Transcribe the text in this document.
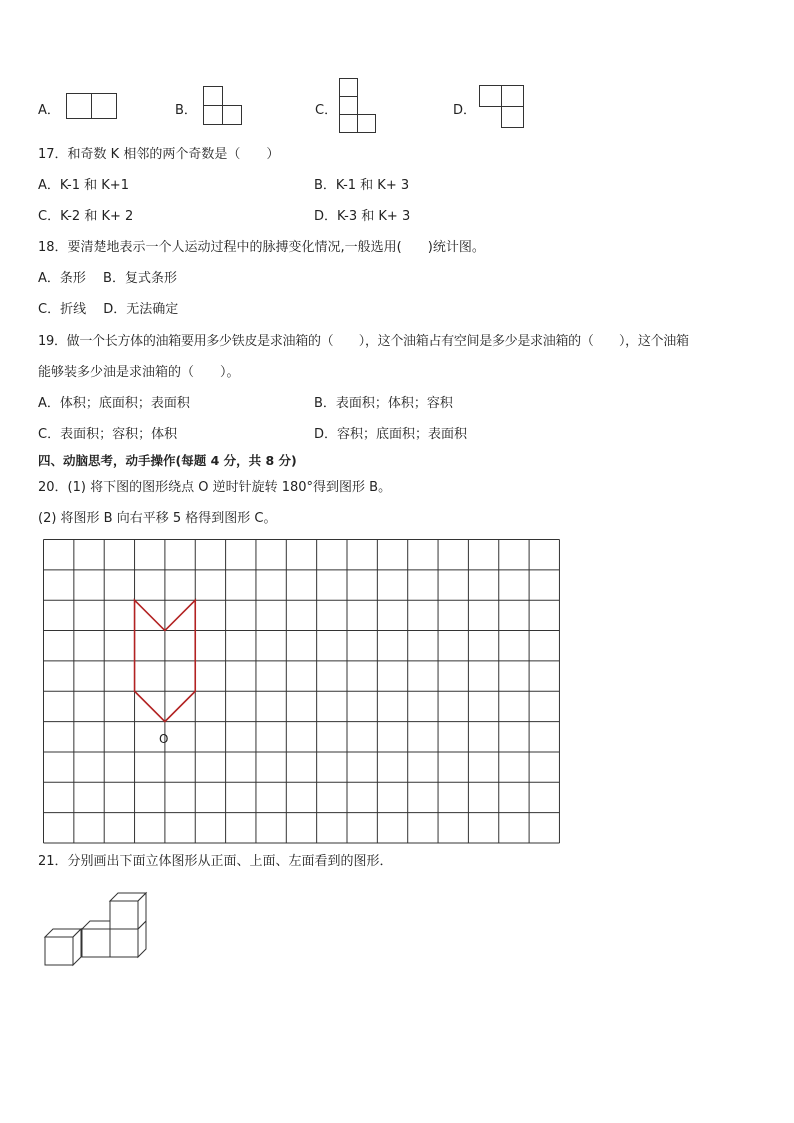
A．	B．	C．	D．
17．和奇数 K 相邻的两个奇数是（　　）
A．K-1 和 K+1	B．K-1 和 K+ 3
C．K-2 和 K+ 2	D．K-3 和 K+ 3
18．要清楚地表示一个人运动过程中的脉搏变化情况,一般选用(　　)统计图。
A．条形　 B．复式条形
C．折线　 D．无法确定
19．做一个长方体的油箱要用多少铁皮是求油箱的（　　），这个油箱占有空间是多少是求油箱的（　　），这个油箱
能够装多少油是求油箱的（　　）。
A．体积；底面积；表面积	B．表面积；体积；容积
C．表面积；容积；体积	D．容积；底面积；表面积
四、动脑思考，动手操作(每题 4 分，共 8 分)
20．(1) 将下图的图形绕点 O 逆时针旋转 180°得到图形 B。
(2) 将图形 B 向右平移 5 格得到图形 C。
O
21．分别画出下面立体图形从正面、上面、左面看到的图形．
